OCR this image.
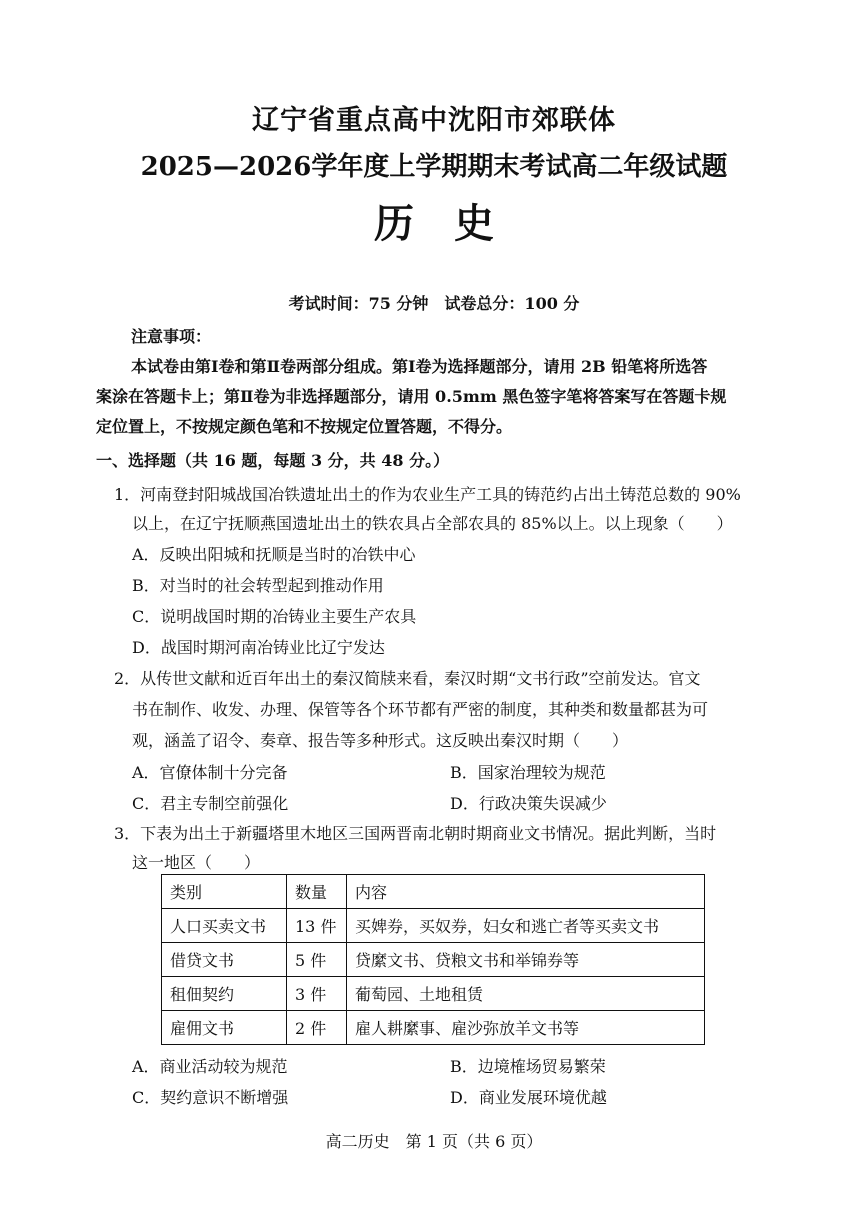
辽宁省重点高中沈阳市郊联体
2025—2026学年度上学期期末考试高二年级试题
历史
考试时间：75 分钟　试卷总分：100 分
注意事项：
本试卷由第Ⅰ卷和第Ⅱ卷两部分组成。第Ⅰ卷为选择题部分，请用 2B 铅笔将所选答
案涂在答题卡上；第Ⅱ卷为非选择题部分，请用 0.5mm 黑色签字笔将答案写在答题卡规
定位置上，不按规定颜色笔和不按规定位置答题，不得分。
一、选择题（共 16 题，每题 3 分，共 48 分。）
1．河南登封阳城战国冶铁遗址出土的作为农业生产工具的铸范约占出土铸范总数的 90%
以上，在辽宁抚顺燕国遗址出土的铁农具占全部农具的 85%以上。以上现象（　　）
A．反映出阳城和抚顺是当时的冶铁中心
B．对当时的社会转型起到推动作用
C．说明战国时期的冶铸业主要生产农具
D．战国时期河南冶铸业比辽宁发达
2．从传世文献和近百年出土的秦汉简牍来看，秦汉时期“文书行政”空前发达。官文
书在制作、收发、办理、保管等各个环节都有严密的制度，其种类和数量都甚为可
观，涵盖了诏令、奏章、报告等多种形式。这反映出秦汉时期（　　）
A．官僚体制十分完备	B．国家治理较为规范
C．君主专制空前强化	D．行政决策失误减少
3．下表为出土于新疆塔里木地区三国两晋南北朝时期商业文书情况。据此判断，当时
这一地区（　　）
类别	数量	内容
人口买卖文书	13 件	买婢券，买奴券，妇女和逃亡者等买卖文书
借贷文书	5 件	贷縻文书、贷粮文书和举锦券等
租佃契约	3 件	葡萄园、土地租赁
雇佣文书	2 件	雇人耕縻事、雇沙弥放羊文书等
A．商业活动较为规范	B．边境榷场贸易繁荣
C．契约意识不断增强	D．商业发展环境优越
高二历史　第 1 页（共 6 页）
